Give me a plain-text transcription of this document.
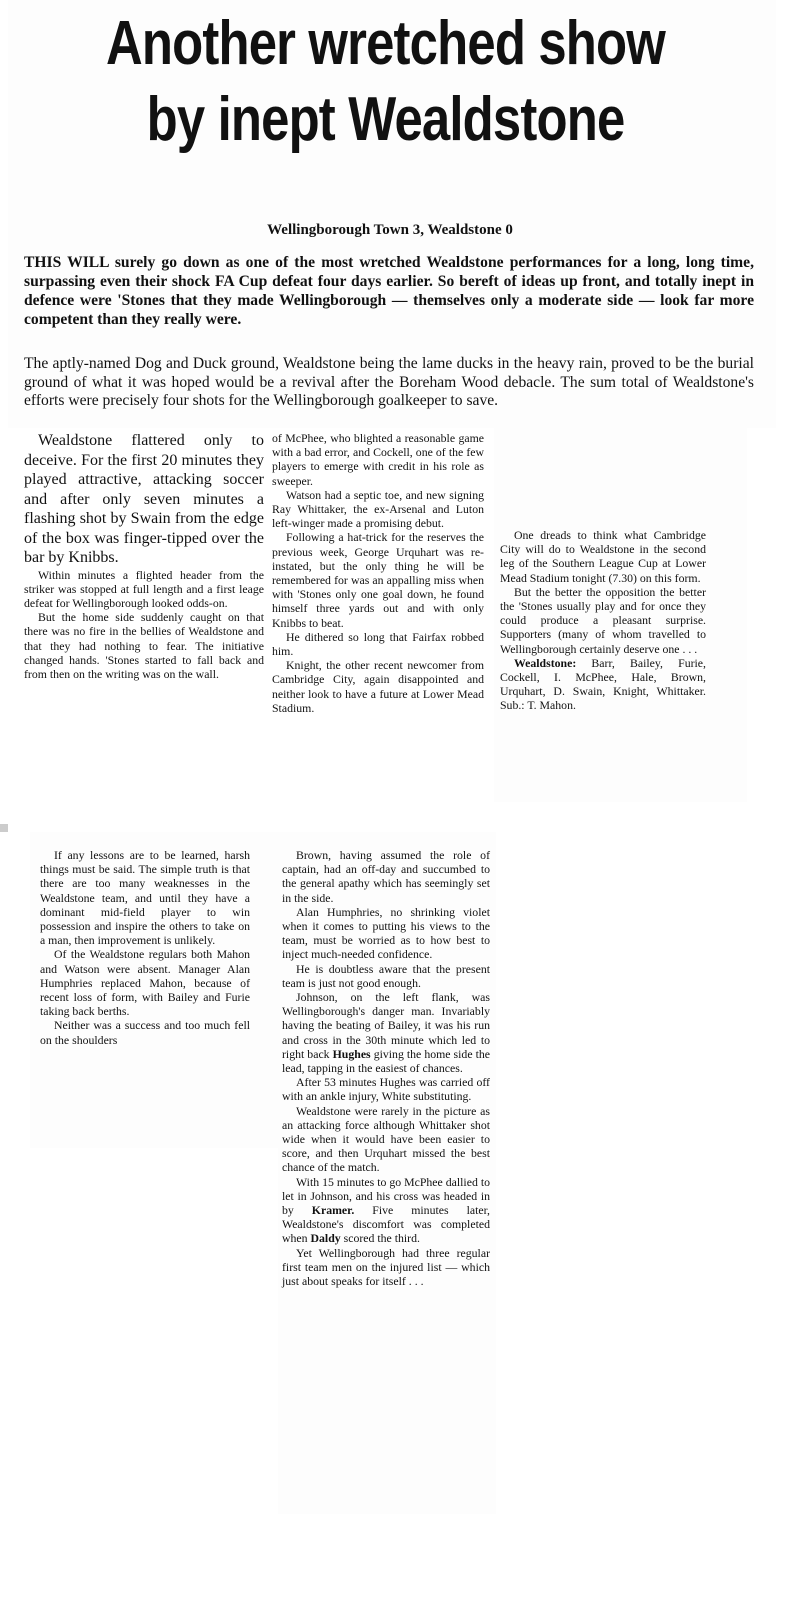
Another wretched show
by inept Wealdstone
Wellingborough Town 3, Wealdstone 0

THIS WILL surely go down as one of the most wretched Wealdstone performances for a long, long time, surpassing even their shock FA Cup defeat four days earlier. So bereft of ideas up front, and totally inept in defence were 'Stones that they made Wellingborough — themselves only a moderate side — look far more competent than they really were.

The aptly-named Dog and Duck ground, Wealdstone being the lame ducks in the heavy rain, proved to be the burial ground of what it was hoped would be a revival after the Boreham Wood debacle. The sum total of Wealdstone's efforts were precisely four shots for the Wellingborough goalkeeper to save.

Wealdstone flattered only to deceive. For the first 20 minutes they played attractive, attacking soccer and after only seven minutes a flashing shot by Swain from the edge of the box was finger-tipped over the bar by Knibbs.

Within minutes a flighted header from the striker was stopped at full length and a first leage defeat for Wellingborough looked odds-on.

But the home side suddenly caught on that there was no fire in the bellies of Wealdstone and that they had nothing to fear. The initiative changed hands. 'Stones started to fall back and from then on the writing was on the wall.

of McPhee, who blighted a reasonable game with a bad error, and Cockell, one of the few players to emerge with credit in his role as sweeper.

Watson had a septic toe, and new signing Ray Whittaker, the ex-Arsenal and Luton left-winger made a promising debut.

Following a hat-trick for the reserves the previous week, George Urquhart was re-instated, but the only thing he will be remembered for was an appalling miss when with 'Stones only one goal down, he found himself three yards out and with only Knibbs to beat.

He dithered so long that Fairfax robbed him.

Knight, the other recent newcomer from Cambridge City, again disappointed and neither look to have a future at Lower Mead Stadium.

One dreads to think what Cambridge City will do to Wealdstone in the second leg of the Southern League Cup at Lower Mead Stadium tonight (7.30) on this form.

But the better the opposition the better the 'Stones usually play and for once they could produce a pleasant surprise. Supporters (many of whom travelled to Wellingborough certainly deserve one . . .

Wealdstone: Barr, Bailey, Furie, Cockell, I. McPhee, Hale, Brown, Urquhart, D. Swain, Knight, Whittaker. Sub.: T. Mahon.

If any lessons are to be learned, harsh things must be said. The simple truth is that there are too many weaknesses in the Wealdstone team, and until they have a dominant mid-field player to win possession and inspire the others to take on a man, then improvement is unlikely.

Of the Wealdstone regulars both Mahon and Watson were absent. Manager Alan Humphries replaced Mahon, because of recent loss of form, with Bailey and Furie taking back berths.

Neither was a success and too much fell on the shoulders

Brown, having assumed the role of captain, had an off-day and succumbed to the general apathy which has seemingly set in the side.

Alan Humphries, no shrinking violet when it comes to putting his views to the team, must be worried as to how best to inject much-needed confidence.

He is doubtless aware that the present team is just not good enough.

Johnson, on the left flank, was Wellingborough's danger man. Invariably having the beating of Bailey, it was his run and cross in the 30th minute which led to right back Hughes giving the home side the lead, tapping in the easiest of chances.

After 53 minutes Hughes was carried off with an ankle injury, White substituting.

Wealdstone were rarely in the picture as an attacking force although Whittaker shot wide when it would have been easier to score, and then Urquhart missed the best chance of the match.

With 15 minutes to go McPhee dallied to let in Johnson, and his cross was headed in by Kramer. Five minutes later, Wealdstone's discomfort was completed when Daldy scored the third.

Yet Wellingborough had three regular first team men on the injured list — which just about speaks for itself . . .
